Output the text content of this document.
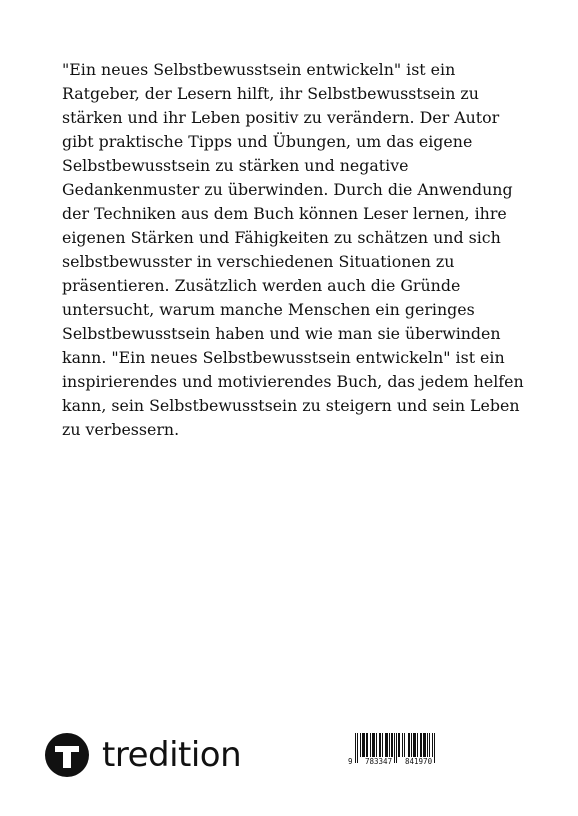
"Ein neues Selbstbewusstsein entwickeln" ist ein Ratgeber, der Lesern hilft, ihr Selbstbewusstsein zu stärken und ihr Leben positiv zu verändern. Der Autor gibt praktische Tipps und Übungen, um das eigene Selbstbewusstsein zu stärken und negative Gedankenmuster zu überwinden. Durch die Anwendung der Techniken aus dem Buch können Leser lernen, ihre eigenen Stärken und Fähigkeiten zu schätzen und sich selbstbewusster in verschiedenen Situationen zu präsentieren. Zusätzlich werden auch die Gründe untersucht, warum manche Menschen ein geringes Selbstbewusstsein haben und wie man sie überwinden kann. "Ein neues Selbstbewusstsein entwickeln" ist ein inspirierendes und motivierendes Buch, das jedem helfen kann, sein Selbstbewusstsein zu steigern und sein Leben zu verbessern.

tredition	9 783347 841970
